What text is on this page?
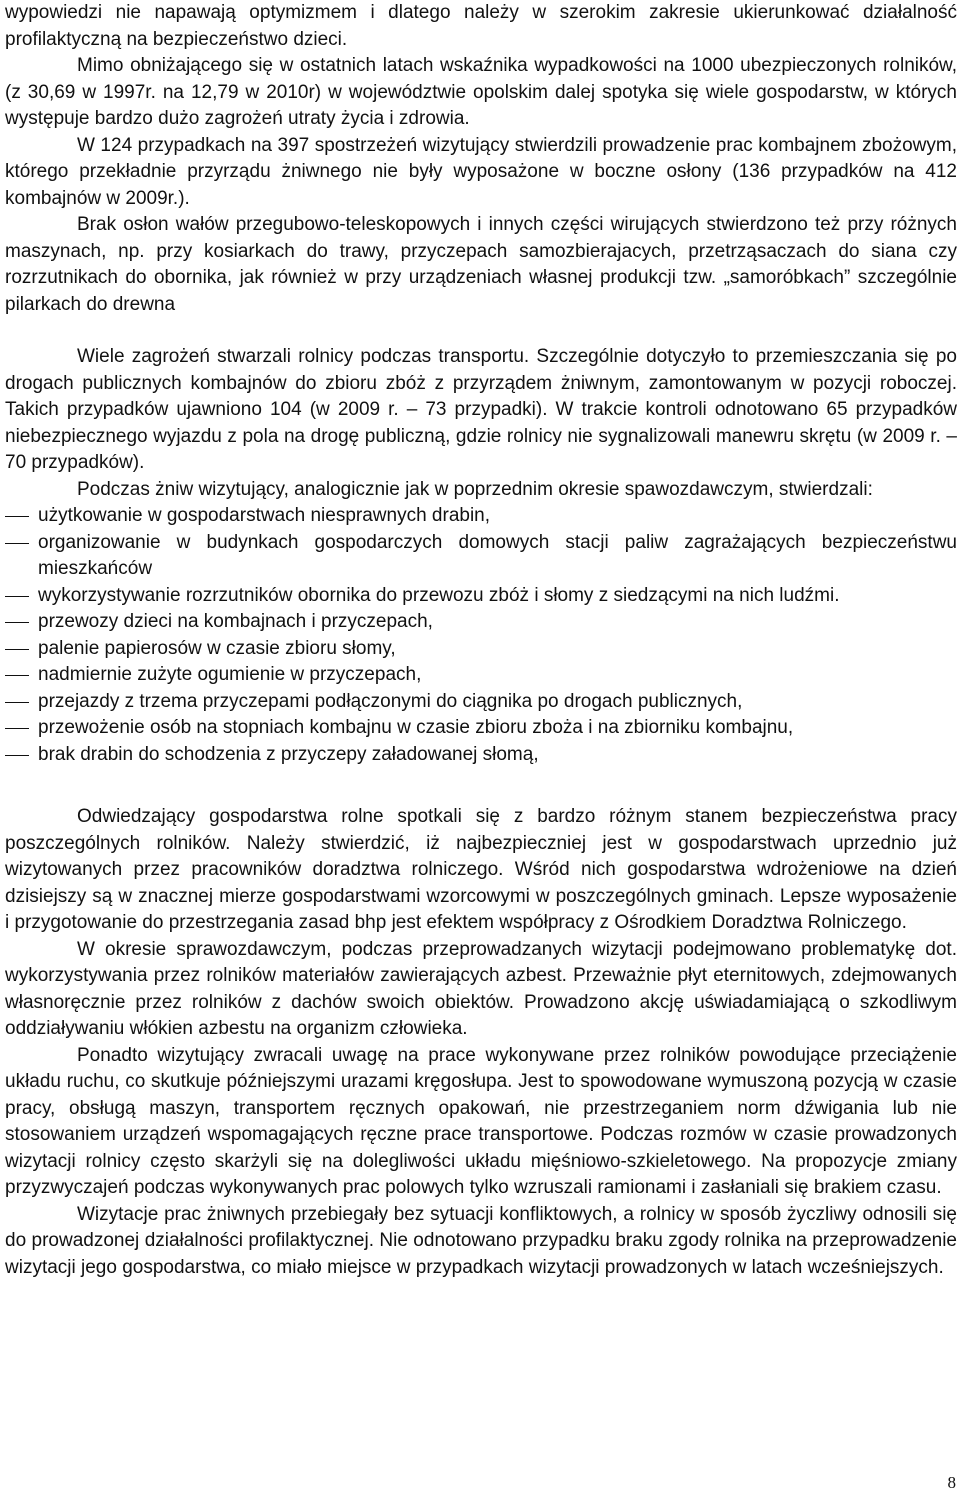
wypowiedzi nie napawają optymizmem i dlatego należy w szerokim zakresie ukierunkować działalność profilaktyczną na bezpieczeństwo dzieci.

Mimo obniżającego się w ostatnich latach wskaźnika wypadkowości na 1000 ubezpieczonych rolników, (z 30,69 w 1997r. na 12,79 w 2010r) w województwie opolskim dalej spotyka się wiele gospodarstw, w których występuje bardzo dużo zagrożeń utraty życia i zdrowia.

W 124 przypadkach na 397 spostrzeżeń wizytujący stwierdzili prowadzenie prac kombajnem zbożowym, którego przekładnie przyrządu żniwnego nie były wyposażone w boczne osłony (136 przypadków na 412 kombajnów w 2009r.).

Brak osłon wałów przegubowo-teleskopowych i innych części wirujących stwierdzono też przy różnych maszynach, np. przy kosiarkach do trawy, przyczepach samozbierajacych, przetrząsaczach do siana czy rozrzutnikach do obornika, jak również w przy urządzeniach własnej produkcji tzw. „samoróbkach” szczególnie pilarkach do drewna

Wiele zagrożeń stwarzali rolnicy podczas transportu. Szczególnie dotyczyło to przemieszczania się po drogach publicznych kombajnów do zbioru zbóż z przyrządem żniwnym, zamontowanym w pozycji roboczej. Takich przypadków ujawniono 104 (w 2009 r. – 73 przypadki). W trakcie kontroli odnotowano 65 przypadków niebezpiecznego wyjazdu z pola na drogę publiczną, gdzie rolnicy nie sygnalizowali manewru skrętu (w 2009 r. – 70 przypadków).

Podczas żniw wizytujący, analogicznie jak w poprzednim okresie spawozdawczym, stwierdzali:

użytkowanie w gospodarstwach niesprawnych drabin,
organizowanie w budynkach gospodarczych domowych stacji paliw zagrażających bezpieczeństwu mieszkańców
wykorzystywanie rozrzutników obornika do przewozu zbóż i słomy z siedzącymi na nich ludźmi.
przewozy dzieci na kombajnach i przyczepach,
palenie papierosów w czasie zbioru słomy,
nadmiernie zużyte ogumienie w przyczepach,
przejazdy z trzema przyczepami podłączonymi do ciągnika po drogach publicznych,
przewożenie osób na stopniach kombajnu w czasie zbioru zboża i na zbiorniku kombajnu,
brak drabin do schodzenia z przyczepy załadowanej słomą,

Odwiedzający gospodarstwa rolne spotkali się z bardzo różnym stanem bezpieczeństwa pracy poszczególnych rolników. Należy stwierdzić, iż najbezpieczniej jest w gospodarstwach uprzednio już wizytowanych przez pracowników doradztwa rolniczego. Wśród nich gospodarstwa wdrożeniowe na dzień dzisiejszy są w znacznej mierze gospodarstwami wzorcowymi w poszczególnych gminach. Lepsze wyposażenie i przygotowanie do przestrzegania zasad bhp jest efektem współpracy z Ośrodkiem Doradztwa Rolniczego.

W okresie sprawozdawczym, podczas przeprowadzanych wizytacji podejmowano problematykę dot. wykorzystywania przez rolników materiałów zawierających azbest. Przeważnie płyt eternitowych, zdejmowanych własnoręcznie przez rolników z dachów swoich obiektów. Prowadzono akcję uświadamiającą o szkodliwym oddziaływaniu włókien azbestu na organizm człowieka.

Ponadto wizytujący zwracali uwagę na prace wykonywane przez rolników powodujące przeciążenie układu ruchu, co skutkuje późniejszymi urazami kręgosłupa. Jest to spowodowane wymuszoną pozycją w czasie pracy, obsługą maszyn, transportem ręcznych opakowań, nie przestrzeganiem norm dźwigania lub nie stosowaniem urządzeń wspomagających ręczne prace transportowe. Podczas rozmów w czasie prowadzonych wizytacji rolnicy często skarżyli się na dolegliwości układu mięśniowo-szkieletowego. Na propozycje zmiany przyzwyczajeń podczas wykonywanych prac polowych tylko wzruszali ramionami i zasłaniali się brakiem czasu.

Wizytacje prac żniwnych przebiegały bez sytuacji konfliktowych, a rolnicy w sposób życzliwy odnosili się do prowadzonej działalności profilaktycznej. Nie odnotowano przypadku braku zgody rolnika na przeprowadzenie wizytacji jego gospodarstwa, co miało miejsce w przypadkach wizytacji prowadzonych w latach wcześniejszych.

8
